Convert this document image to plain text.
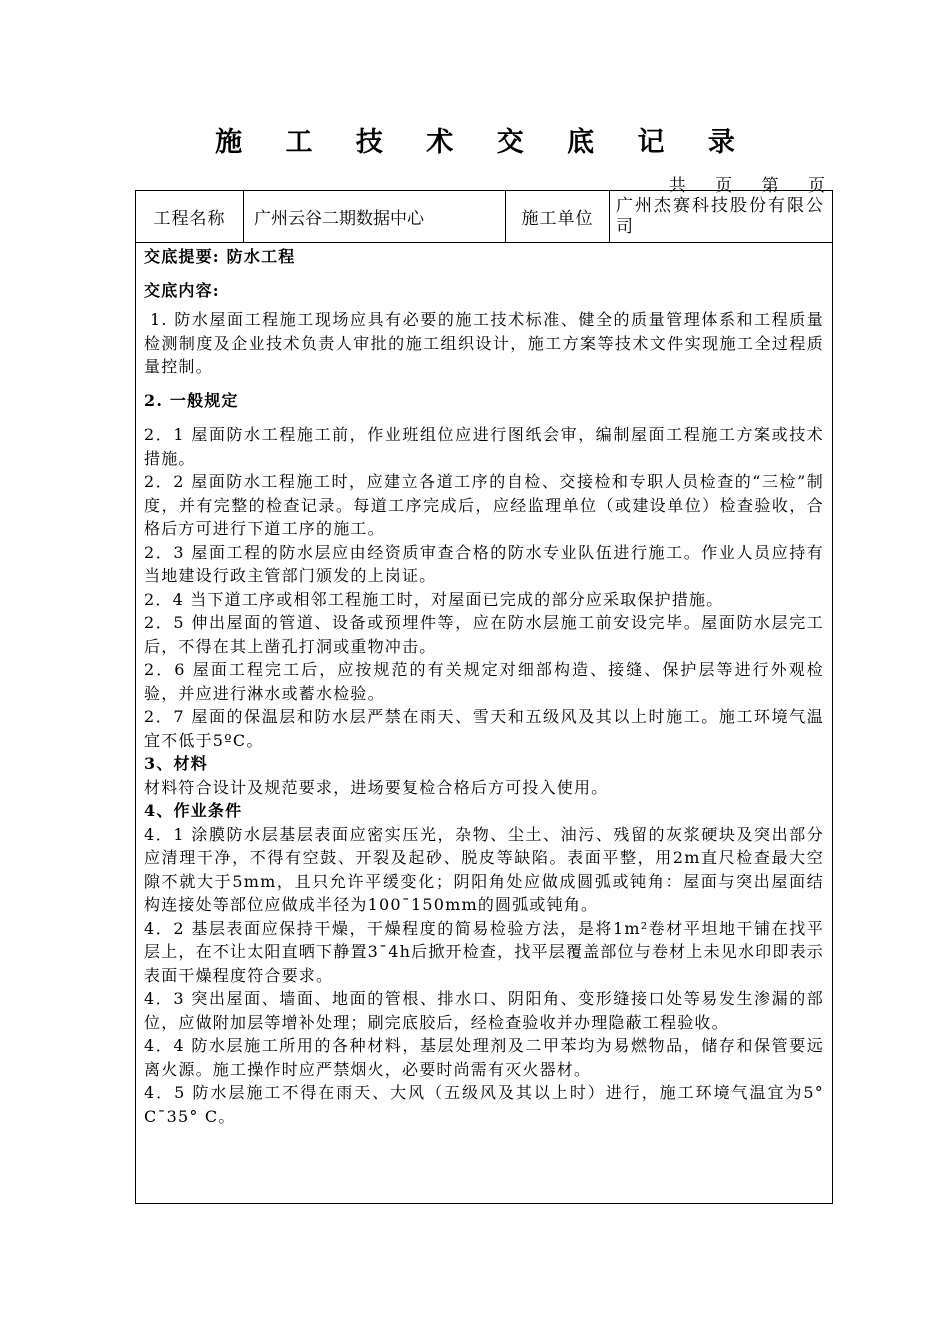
施 工 技 术 交 底 记 录
共 页 第 页
工程名称	广州云谷二期数据中心	施工单位
广州杰赛科技股份有限公司

交底提要: 防水工程

交底内容:

1. 防水屋面工程施工现场应具有必要的施工技术标准、健全的质量管理体系和工程质量检测制度及企业技术负责人审批的施工组织设计，施工方案等技术文件实现施工全过程质量控制。

2. 一般规定

2．1 屋面防水工程施工前，作业班组位应进行图纸会审，编制屋面工程施工方案或技术措施。

2．2 屋面防水工程施工时，应建立各道工序的自检、交接检和专职人员检查的“三检”制度，并有完整的检查记录。每道工序完成后，应经监理单位（或建设单位）检查验收，合格后方可进行下道工序的施工。

2．3 屋面工程的防水层应由经资质审查合格的防水专业队伍进行施工。作业人员应持有当地建设行政主管部门颁发的上岗证。

2．4 当下道工序或相邻工程施工时，对屋面已完成的部分应采取保护措施。

2．5 伸出屋面的管道、设备或预埋件等，应在防水层施工前安设完毕。屋面防水层完工后，不得在其上凿孔打洞或重物冲击。

2．6 屋面工程完工后，应按规范的有关规定对细部构造、接缝、保护层等进行外观检验，并应进行淋水或蓄水检验。

2．7 屋面的保温层和防水层严禁在雨天、雪天和五级风及其以上时施工。施工环境气温宜不低于5ºC。

3、材料

材料符合设计及规范要求，进场要复检合格后方可投入使用。

4、作业条件

4．1 涂膜防水层基层表面应密实压光，杂物、尘土、油污、残留的灰浆硬块及突出部分应清理干净，不得有空鼓、开裂及起砂、脱皮等缺陷。表面平整，用2m直尺检查最大空隙不就大于5mm，且只允许平缓变化；阴阳角处应做成圆弧或钝角：屋面与突出屋面结构连接处等部位应做成半径为100¯150mm的圆弧或钝角。

4．2 基层表面应保持干燥，干燥程度的简易检验方法，是将1m²卷材平坦地干铺在找平层上，在不让太阳直晒下静置3¯4h后掀开检查，找平层覆盖部位与卷材上未见水印即表示表面干燥程度符合要求。

4．3 突出屋面、墙面、地面的管根、排水口、阴阳角、变形缝接口处等易发生渗漏的部位，应做附加层等增补处理；刷完底胶后，经检查验收并办理隐蔽工程验收。

4．4 防水层施工所用的各种材料，基层处理剂及二甲苯均为易燃物品，储存和保管要远离火源。施工操作时应严禁烟火，必要时尚需有灭火器材。

4．5 防水层施工不得在雨天、大风（五级风及其以上时）进行，施工环境气温宜为5° C¯35° C。
